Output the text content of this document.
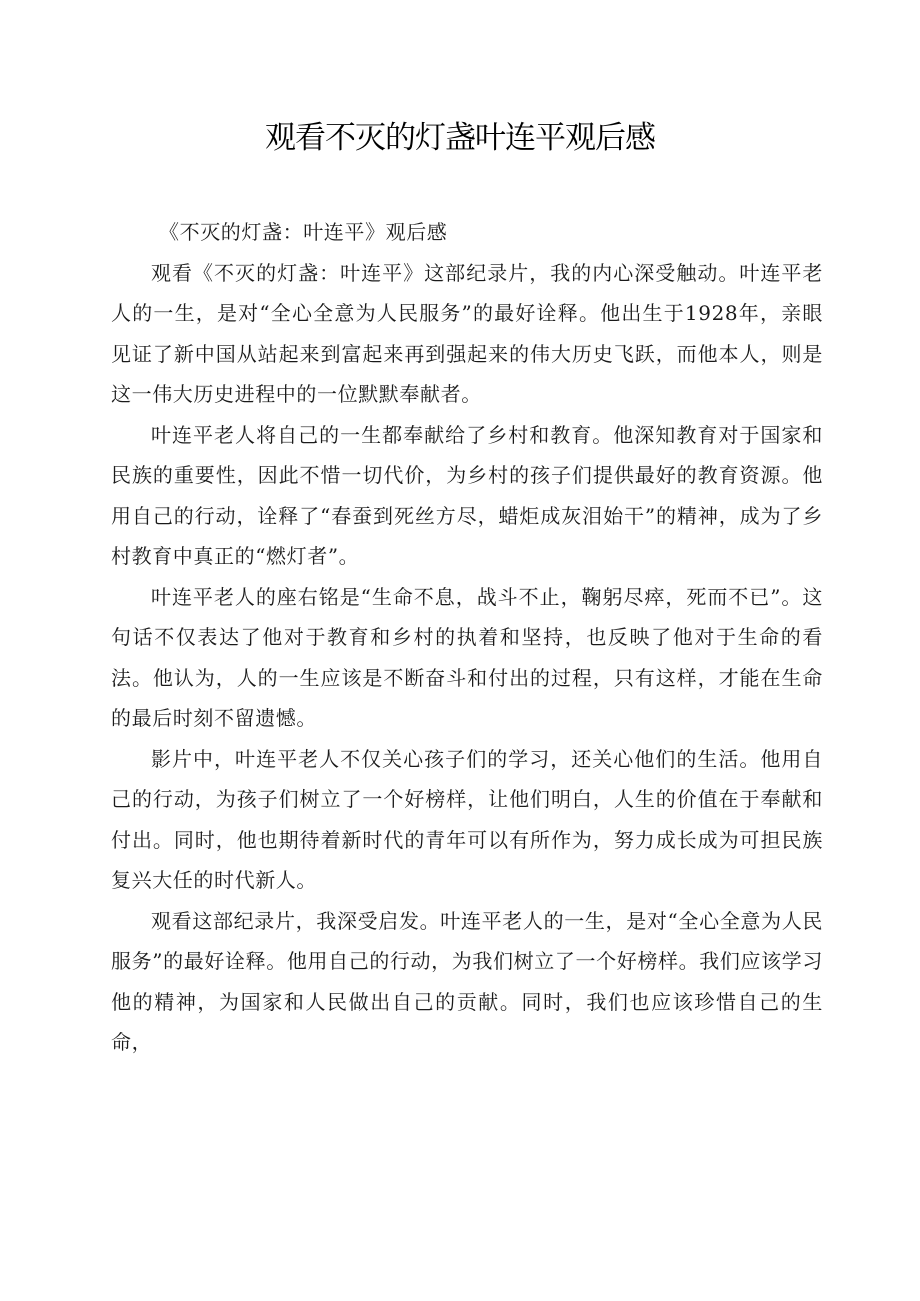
观看不灭的灯盏叶连平观后感

《不灭的灯盏：叶连平》观后感

观看《不灭的灯盏：叶连平》这部纪录片，我的内心深受触动。叶连平老人的一生，是对“全心全意为人民服务”的最好诠释。他出生于1928年，亲眼见证了新中国从站起来到富起来再到强起来的伟大历史飞跃，而他本人，则是这一伟大历史进程中的一位默默奉献者。

叶连平老人将自己的一生都奉献给了乡村和教育。他深知教育对于国家和民族的重要性，因此不惜一切代价，为乡村的孩子们提供最好的教育资源。他用自己的行动，诠释了“春蚕到死丝方尽，蜡炬成灰泪始干”的精神，成为了乡村教育中真正的“燃灯者”。

叶连平老人的座右铭是“生命不息，战斗不止，鞠躬尽瘁，死而不已”。这句话不仅表达了他对于教育和乡村的执着和坚持，也反映了他对于生命的看法。他认为，人的一生应该是不断奋斗和付出的过程，只有这样，才能在生命的最后时刻不留遗憾。

影片中，叶连平老人不仅关心孩子们的学习，还关心他们的生活。他用自己的行动，为孩子们树立了一个好榜样，让他们明白，人生的价值在于奉献和付出。同时，他也期待着新时代的青年可以有所作为，努力成长成为可担民族复兴大任的时代新人。

观看这部纪录片，我深受启发。叶连平老人的一生，是对“全心全意为人民服务”的最好诠释。他用自己的行动，为我们树立了一个好榜样。我们应该学习他的精神，为国家和人民做出自己的贡献。同时，我们也应该珍惜自己的生命，
